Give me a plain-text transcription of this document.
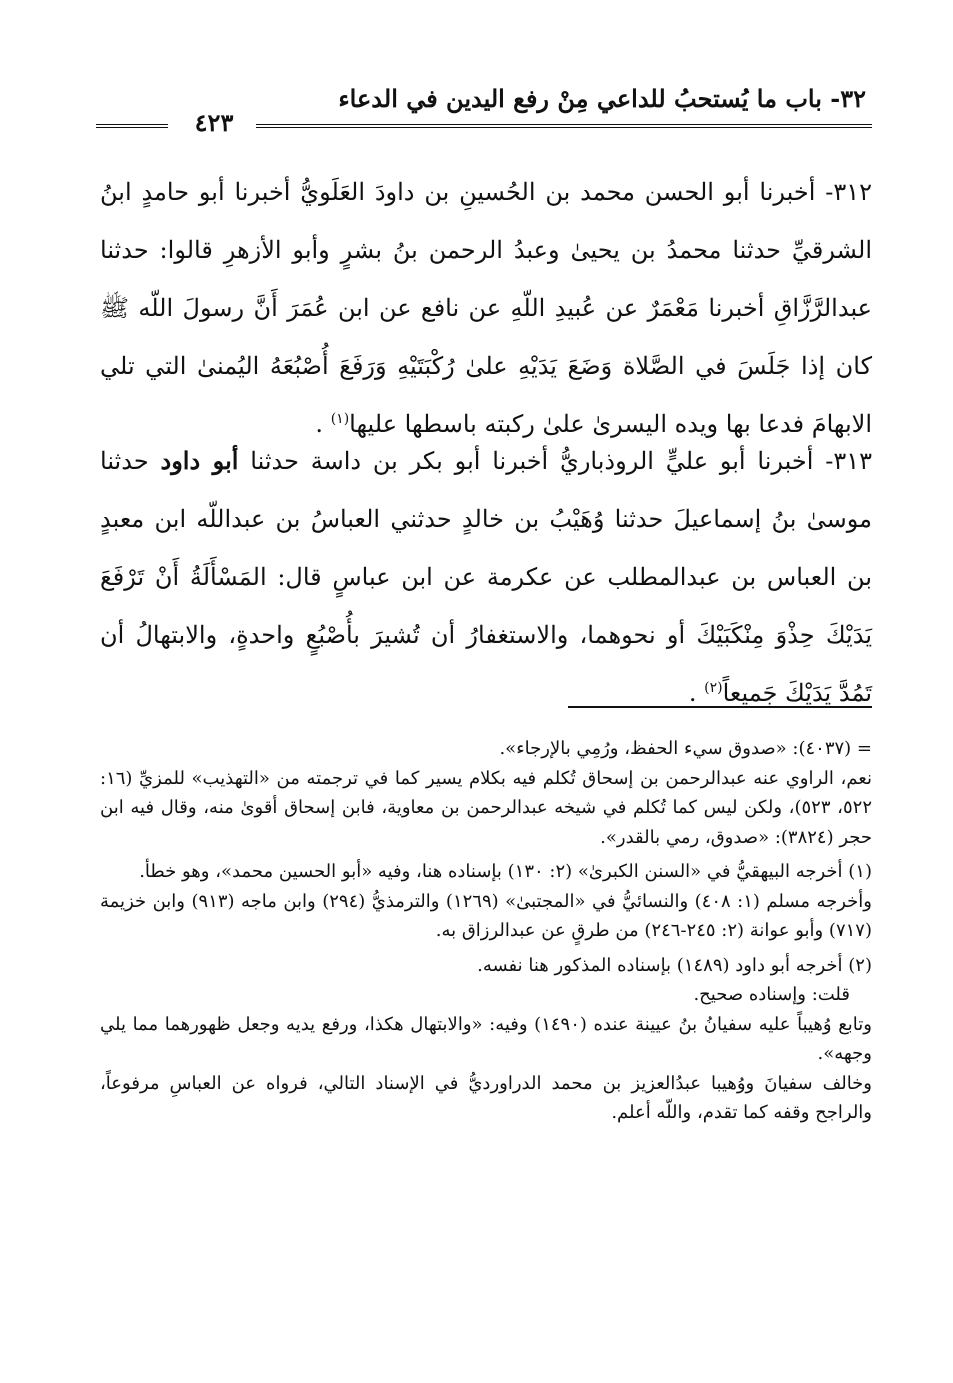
٣٢- باب ما يُستحبُ للداعي مِنْ رفع اليدين في الدعاء
٤٢٣
٣١٢- أخبرنا أبو الحسن محمد بن الحُسينِ بن داودَ العَلَويُّ أخبرنا أبو حامدٍ ابنُ الشرقيِّ حدثنا محمدُ بن يحيىٰ وعبدُ الرحمن بنُ بشرٍ وأبو الأزهرِ قالوا: حدثنا عبدالرَّزَّاقِ أخبرنا مَعْمَرٌ عن عُبيدِ اللّهِ عن نافع عن ابن عُمَرَ أَنَّ رسولَ اللّه ﷺ كان إذا جَلَسَ في الصَّلاة وَضَعَ يَدَيْهِ علىٰ رُكْبَتَيْهِ وَرَفَعَ أُصْبُعَهُ اليُمنىٰ التي تلي الابهامَ فدعا بها ويده اليسرىٰ علىٰ ركبته باسطها عليها$^{(١)}$ .
٣١٣- أخبرنا أبو عليٍّ الروذباريُّ أخبرنا أبو بكر بن داسة حدثنا أبو داود حدثنا موسىٰ بنُ إسماعيلَ حدثنا وُهَيْبُ بن خالدٍ حدثني العباسُ بن عبداللّه ابن معبدٍ بن العباس بن عبدالمطلب عن عكرمة عن ابن عباسٍ قال: المَسْأَلَةُ أَنْ تَرْفَعَ يَدَيْكَ حِذْوَ مِنْكَبَيْكَ أو نحوهما، والاستغفارُ أن تُشيرَ بأُصْبُعٍ واحدةٍ، والابتهالُ أن تَمُدَّ يَدَيْكَ جَميعاً$^{(٢)}$ .

= (٤٠٣٧): «صدوق سيء الحفظ، ورُمِي بالإرجاء».

نعم، الراوي عنه عبدالرحمن بن إسحاق تُكلم فيه بكلام يسير كما في ترجمته من «التهذيب» للمزيِّ (١٦: ٥٢٢، ٥٢٣)، ولكن ليس كما تُكلم في شيخه عبدالرحمن بن معاوية، فابن إسحاق أقوىٰ منه، وقال فيه ابن حجر (٣٨٢٤): «صدوق، رمي بالقدر».

(١) أخرجه البيهقيُّ في «السنن الكبرىٰ» (٢: ١٣٠) بإسناده هنا، وفيه «أبو الحسين محمد»، وهو خطأ.

وأخرجه مسلم (١: ٤٠٨) والنسائيُّ في «المجتبىٰ» (١٢٦٩) والترمذيُّ (٢٩٤) وابن ماجه (٩١٣) وابن خزيمة (٧١٧) وأبو عوانة (٢: ٢٤٥-٢٤٦) من طرقٍ عن عبدالرزاق به.

(٢) أخرجه أبو داود (١٤٨٩) بإسناده المذكور هنا نفسه.

قلت: وإسناده صحيح.

وتابع وُهيباً عليه سفيانُ بنُ عيينة عنده (١٤٩٠) وفيه: «والابتهال هكذا، ورفع يديه وجعل ظهورهما مما يلي وجهه».

وخالف سفيانَ ووُهيبا عبدُالعزيز بن محمد الدراورديُّ في الإسناد التالي، فرواه عن العباسِ مرفوعاً، والراجح وقفه كما تقدم، واللّه أعلم.
